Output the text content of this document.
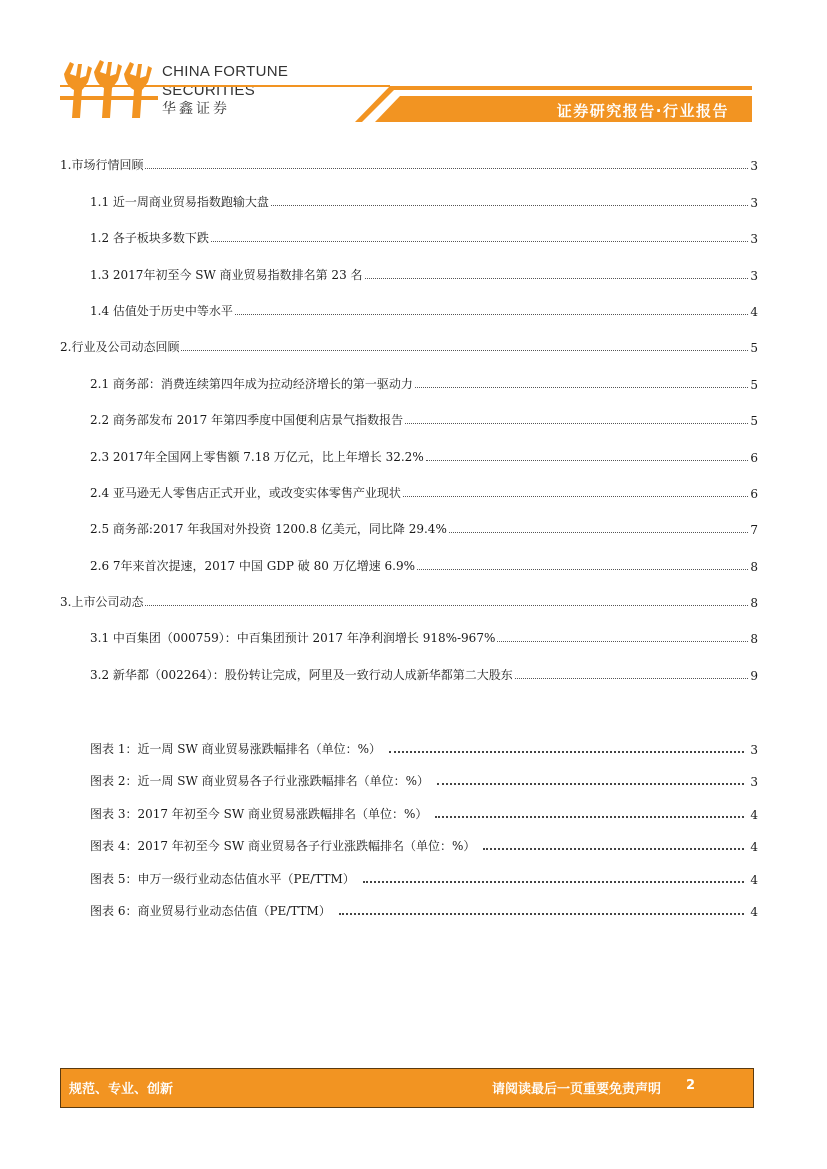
CHINA FORTUNE
SECURITIES
华鑫证券	证券研究报告·行业报告
1.市场行情回顾	3
1.1 近一周商业贸易指数跑输大盘	3
1.2 各子板块多数下跌	3
1.3 2017年初至今 SW 商业贸易指数排名第 23 名	3
1.4 估值处于历史中等水平	4
2.行业及公司动态回顾	5
2.1 商务部：消费连续第四年成为拉动经济增长的第一驱动力	5
2.2 商务部发布 2017 年第四季度中国便利店景气指数报告	5
2.3 2017年全国网上零售额 7.18 万亿元，比上年增长 32.2%	6
2.4 亚马逊无人零售店正式开业，或改变实体零售产业现状	6
2.5 商务部:2017 年我国对外投资 1200.8 亿美元，同比降 29.4%	7
2.6 7年来首次提速，2017 中国 GDP 破 80 万亿增速 6.9%	8
3.上市公司动态	8
3.1 中百集团（000759）：中百集团预计 2017 年净利润增长 918%-967%	8
3.2 新华都（002264）：股份转让完成，阿里及一致行动人成新华都第二大股东	9
图表 1：近一周 SW 商业贸易涨跌幅排名（单位：%）	3
图表 2：近一周 SW 商业贸易各子行业涨跌幅排名（单位：%）	3
图表 3：2017 年初至今 SW 商业贸易涨跌幅排名（单位：%）	4
图表 4：2017 年初至今 SW 商业贸易各子行业涨跌幅排名（单位：%）	4
图表 5：申万一级行业动态估值水平（PE/TTM）	4
图表 6：商业贸易行业动态估值（PE/TTM）	4
规范、专业、创新	请阅读最后一页重要免责声明 2
